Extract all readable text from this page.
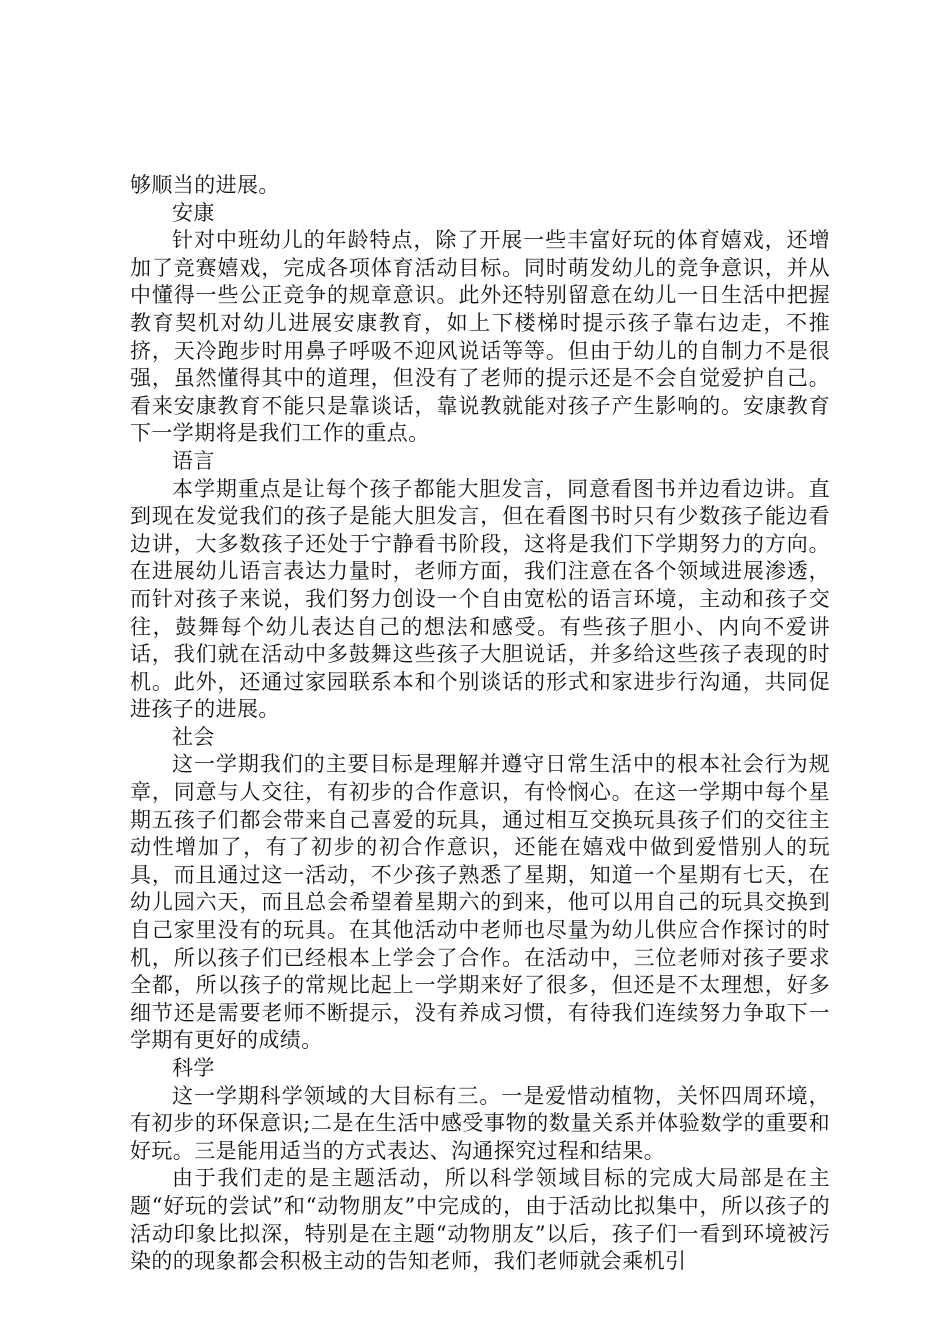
够顺当的进展。

安康

针对中班幼儿的年龄特点，除了开展一些丰富好玩的体育嬉戏，还增加了竞赛嬉戏，完成各项体育活动目标。同时萌发幼儿的竞争意识，并从中懂得一些公正竞争的规章意识。此外还特别留意在幼儿一日生活中把握教育契机对幼儿进展安康教育，如上下楼梯时提示孩子靠右边走，不推挤，天冷跑步时用鼻子呼吸不迎风说话等等。但由于幼儿的自制力不是很强，虽然懂得其中的道理，但没有了老师的提示还是不会自觉爱护自己。看来安康教育不能只是靠谈话，靠说教就能对孩子产生影响的。安康教育下一学期将是我们工作的重点。

语言

本学期重点是让每个孩子都能大胆发言，同意看图书并边看边讲。直到现在发觉我们的孩子是能大胆发言，但在看图书时只有少数孩子能边看边讲，大多数孩子还处于宁静看书阶段，这将是我们下学期努力的方向。在进展幼儿语言表达力量时，老师方面，我们注意在各个领域进展渗透，而针对孩子来说，我们努力创设一个自由宽松的语言环境，主动和孩子交往，鼓舞每个幼儿表达自己的想法和感受。有些孩子胆小、内向不爱讲话，我们就在活动中多鼓舞这些孩子大胆说话，并多给这些孩子表现的时机。此外，还通过家园联系本和个别谈话的形式和家进步行沟通，共同促进孩子的进展。

社会

这一学期我们的主要目标是理解并遵守日常生活中的根本社会行为规章，同意与人交往，有初步的合作意识，有怜悯心。在这一学期中每个星期五孩子们都会带来自己喜爱的玩具，通过相互交换玩具孩子们的交往主动性增加了，有了初步的初合作意识，还能在嬉戏中做到爱惜别人的玩具，而且通过这一活动，不少孩子熟悉了星期，知道一个星期有七天，在幼儿园六天，而且总会希望着星期六的到来，他可以用自己的玩具交换到自己家里没有的玩具。在其他活动中老师也尽量为幼儿供应合作探讨的时机，所以孩子们已经根本上学会了合作。在活动中，三位老师对孩子要求全都，所以孩子的常规比起上一学期来好了很多，但还是不太理想，好多细节还是需要老师不断提示，没有养成习惯，有待我们连续努力争取下一学期有更好的成绩。

科学

这一学期科学领域的大目标有三。一是爱惜动植物，关怀四周环境，有初步的环保意识;二是在生活中感受事物的数量关系并体验数学的重要和好玩。三是能用适当的方式表达、沟通探究过程和结果。

由于我们走的是主题活动，所以科学领域目标的完成大局部是在主题“好玩的尝试”和“动物朋友”中完成的，由于活动比拟集中，所以孩子的活动印象比拟深，特别是在主题“动物朋友”以后，孩子们一看到环境被污染的的现象都会积极主动的告知老师，我们老师就会乘机引
